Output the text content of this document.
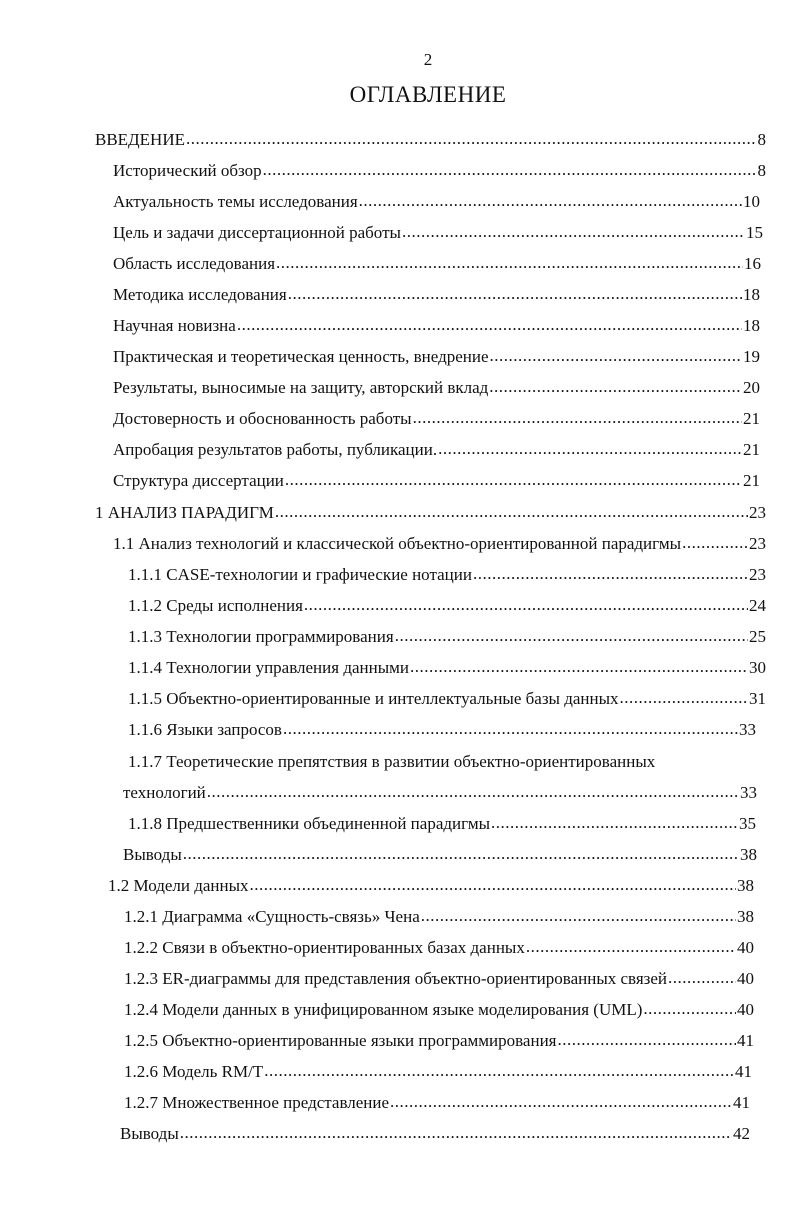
2
ОГЛАВЛЕНИЕ
ВВЕДЕНИЕ .....	8
Исторический обзор .....	8
Актуальность темы исследования .....	10
Цель и задачи диссертационной работы .....	15
Область исследования .....	16
Методика исследования .....	18
Научная новизна .....	18
Практическая и теоретическая ценность, внедрение .....	19
Результаты, выносимые на защиту, авторский вклад .....	20
Достоверность и обоснованность работы .....	21
Апробация результатов работы, публикации. .....	21
Структура диссертации .....	21
1 АНАЛИЗ ПАРАДИГМ .....	23
1.1 Анализ технологий и классической объектно-ориентированной парадигмы .....	23
1.1.1 CASE-технологии и графические нотации .....	23
1.1.2 Среды исполнения .....	24
1.1.3 Технологии программирования .....	25
1.1.4 Технологии управления данными .....	30
1.1.5 Объектно-ориентированные и интеллектуальные базы данных .....	31
1.1.6 Языки запросов .....	33
1.1.7 Теоретические препятствия в развитии объектно-ориентированных
технологий .....	33
1.1.8 Предшественники объединенной парадигмы .....	35
Выводы .....	38
1.2 Модели данных .....	38
1.2.1 Диаграмма «Сущность-связь» Чена .....	38
1.2.2 Связи в объектно-ориентированных базах данных .....	40
1.2.3 ER-диаграммы для представления объектно-ориентированных связей .....	40
1.2.4 Модели данных в унифицированном языке моделирования (UML) .....	40
1.2.5 Объектно-ориентированные языки программирования .....	41
1.2.6 Модель RM/T .....	41
1.2.7 Множественное представление .....	41
Выводы .....	42
